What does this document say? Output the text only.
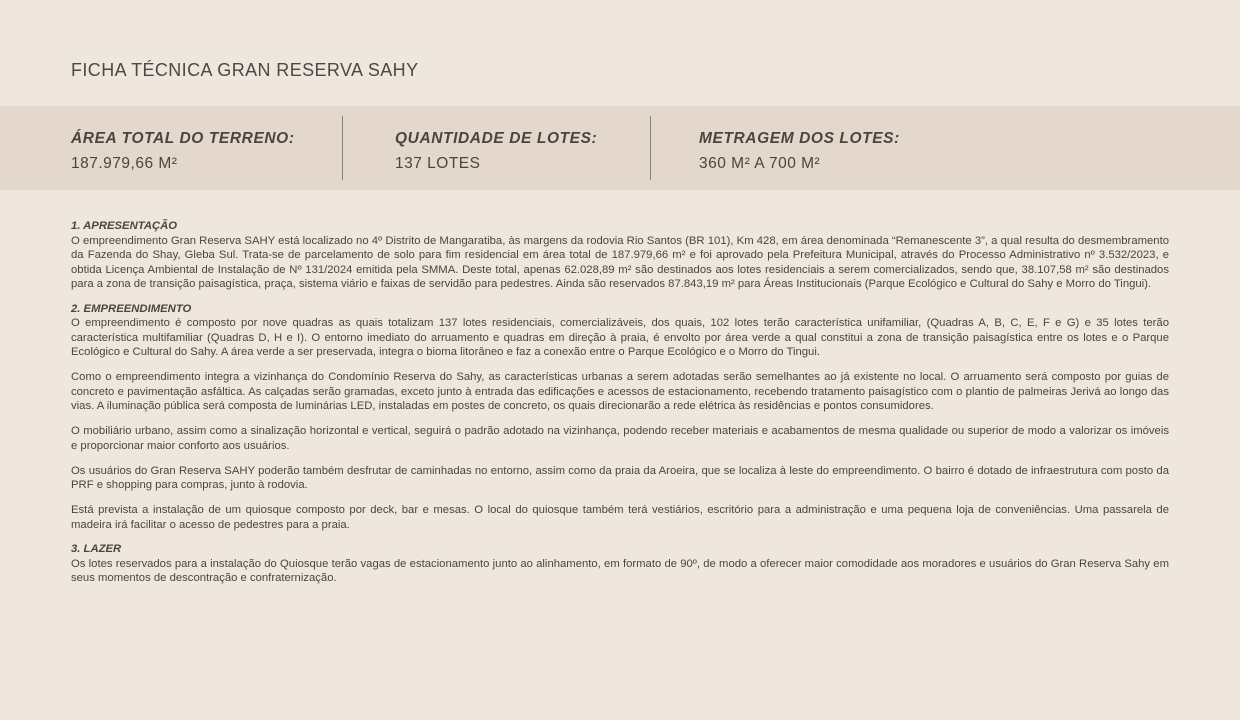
FICHA TÉCNICA GRAN RESERVA SAHY
ÁREA TOTAL DO TERRENO:
187.979,66 M²
QUANTIDADE DE LOTES:
137 LOTES
METRAGEM DOS LOTES:
360 M² A 700 M²
1. APRESENTAÇÃO

O empreendimento Gran Reserva SAHY está localizado no 4º Distrito de Mangaratiba, às margens da rodovia Rio Santos (BR 101), Km 428, em área denominada “Remanescente 3”, a qual resulta do desmembramento da Fazenda do Shay, Gleba Sul. Trata-se de parcelamento de solo para fim residencial em área total de 187.979,66 m² e foi aprovado pela Prefeitura Municipal, através do Processo Administrativo nº 3.532/2023, e obtida Licença Ambiental de Instalação de Nº 131/2024 emitida pela SMMA. Deste total, apenas 62.028,89 m² são destinados aos lotes residenciais a serem comercializados, sendo que, 38.107,58 m² são destinados para a zona de transição paisagística, praça, sistema viário e faixas de servidão para pedestres. Ainda são reservados 87.843,19 m² para Áreas Institucionais (Parque Ecológico e Cultural do Sahy e Morro do Tingui).

2. EMPREENDIMENTO

O empreendimento é composto por nove quadras as quais totalizam 137 lotes residenciais, comercializáveis, dos quais, 102 lotes terão característica unifamiliar, (Quadras A, B, C, E, F e G) e 35 lotes terão característica multifamiliar (Quadras D, H e I). O entorno imediato do arruamento e quadras em direção à praia, é envolto por área verde a qual constitui a zona de transição paisagística entre os lotes e o Parque Ecológico e Cultural do Sahy. A área verde a ser preservada, integra o bioma litorâneo e faz a conexão entre o Parque Ecológico e o Morro do Tingui.

Como o empreendimento integra a vizinhança do Condomínio Reserva do Sahy, as características urbanas a serem adotadas serão semelhantes ao já existente no local. O arruamento será composto por guias de concreto e pavimentação asfáltica. As calçadas serão gramadas, exceto junto à entrada das edificações e acessos de estacionamento, recebendo tratamento paisagístico com o plantio de palmeiras Jerivá ao longo das vias. A iluminação pública será composta de luminárias LED, instaladas em postes de concreto, os quais direcionarão a rede elétrica às residências e pontos consumidores.

O mobiliário urbano, assim como a sinalização horizontal e vertical, seguirá o padrão adotado na vizinhança, podendo receber materiais e acabamentos de mesma qualidade ou superior de modo a valorizar os imóveis e proporcionar maior conforto aos usuários.

Os usuários do Gran Reserva SAHY poderão também desfrutar de caminhadas no entorno, assim como da praia da Aroeira, que se localiza à leste do empreendimento. O bairro é dotado de infraestrutura com posto da PRF e shopping para compras, junto à rodovia.

Está prevista a instalação de um quiosque composto por deck, bar e mesas. O local do quiosque também terá vestiários, escritório para a administração e uma pequena loja de conveniências. Uma passarela de madeira irá facilitar o acesso de pedestres para a praia.

3. LAZER

Os lotes reservados para a instalação do Quiosque terão vagas de estacionamento junto ao alinhamento, em formato de 90º, de modo a oferecer maior comodidade aos moradores e usuários do Gran Reserva Sahy em seus momentos de descontração e confraternização.
